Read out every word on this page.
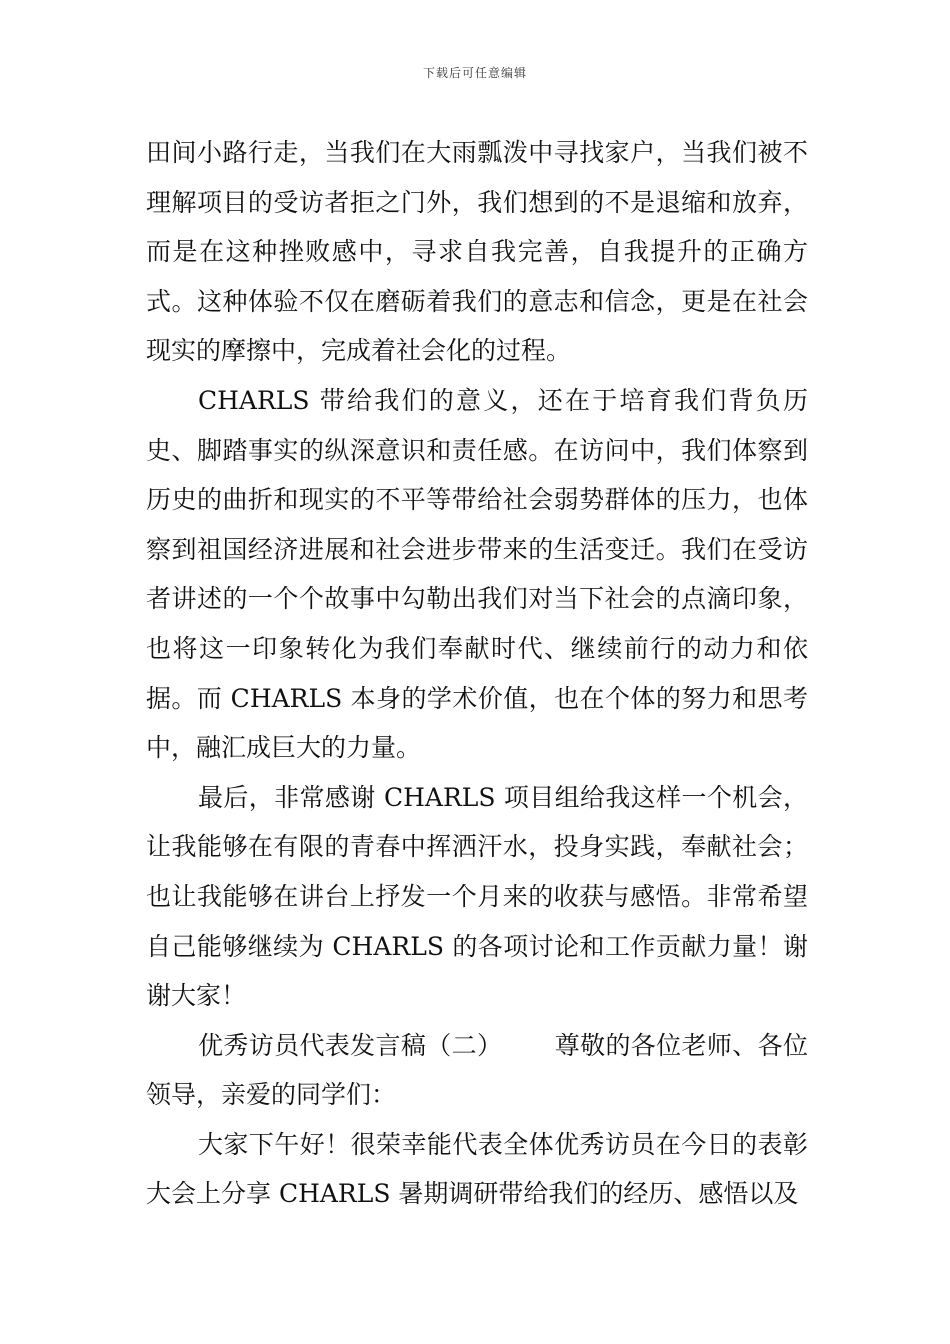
下载后可任意编辑

田间小路行走，当我们在大雨瓢泼中寻找家户，当我们被不理解项目的受访者拒之门外，我们想到的不是退缩和放弃，而是在这种挫败感中，寻求自我完善，自我提升的正确方式。这种体验不仅在磨砺着我们的意志和信念，更是在社会现实的摩擦中，完成着社会化的过程。

CHARLS 带给我们的意义，还在于培育我们背负历史、脚踏事实的纵深意识和责任感。在访问中，我们体察到历史的曲折和现实的不平等带给社会弱势群体的压力，也体察到祖国经济进展和社会进步带来的生活变迁。我们在受访者讲述的一个个故事中勾勒出我们对当下社会的点滴印象，也将这一印象转化为我们奉献时代、继续前行的动力和依据。而 CHARLS 本身的学术价值，也在个体的努力和思考中，融汇成巨大的力量。

最后，非常感谢 CHARLS 项目组给我这样一个机会，让我能够在有限的青春中挥洒汗水，投身实践，奉献社会；也让我能够在讲台上抒发一个月来的收获与感悟。非常希望自己能够继续为 CHARLS 的各项讨论和工作贡献力量！谢谢大家！

优秀访员代表发言稿（二） 尊敬的各位老师、各位领导，亲爱的同学们：

大家下午好！很荣幸能代表全体优秀访员在今日的表彰大会上分享 CHARLS 暑期调研带给我们的经历、感悟以及
